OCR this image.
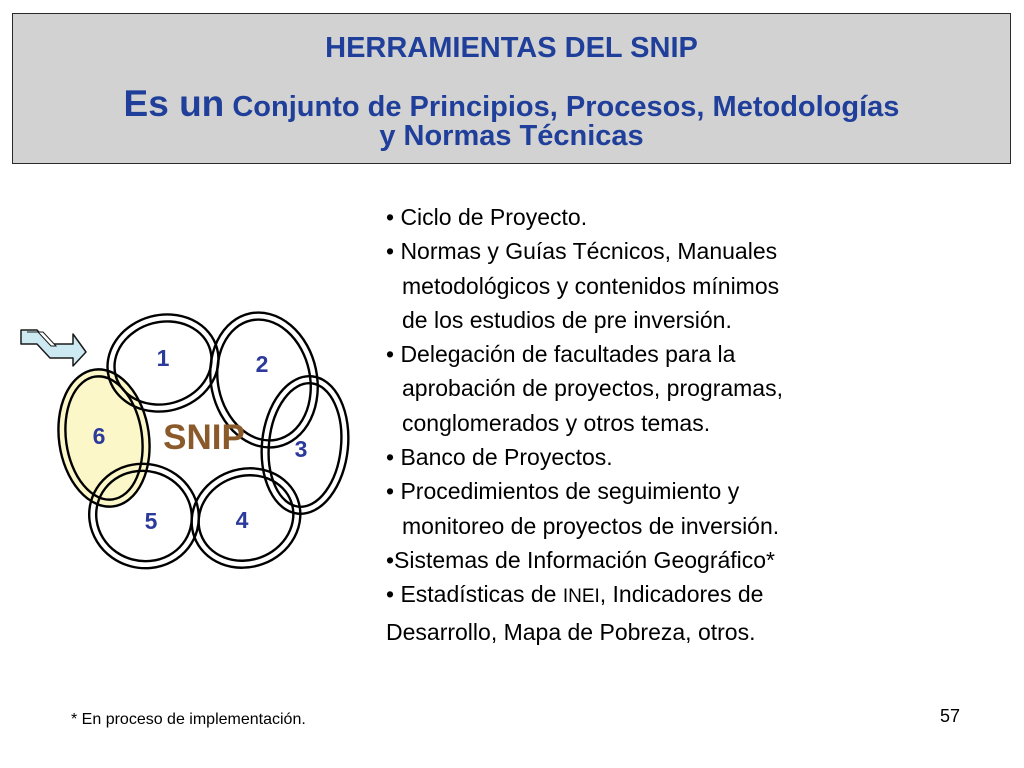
HERRAMIENTAS DEL SNIP
Es un Conjunto de Principios, Procesos, Metodologías
y Normas Técnicas
SNIP
1	2
3
4
5
6
• Ciclo de Proyecto.
• Normas y Guías Técnicos, Manuales
metodológicos y contenidos mínimos
de los estudios de pre inversión.
• Delegación de facultades para la
aprobación de proyectos, programas,
conglomerados y otros temas.
• Banco de Proyectos.
• Procedimientos de seguimiento y
monitoreo de proyectos de inversión.
•Sistemas de Información Geográfico*
• Estadísticas de INEI, Indicadores de
Desarrollo, Mapa de Pobreza, otros.
* En proceso de implementación.	57
